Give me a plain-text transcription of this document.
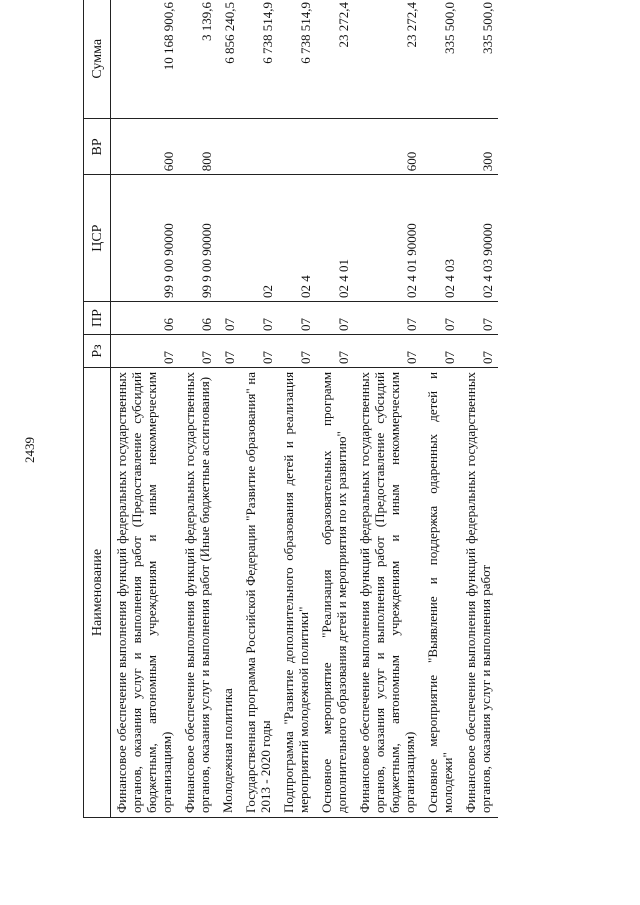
2439
Наименование	Рз	ПР	ЦСР	ВР	Сумма
Финансовое обеспечение выполнения функций федеральных государственных органов, оказания услуг и выполнения работ (Предоставление субсидий бюджетным, автономным учреждениям и иным некоммерческим организациям)	07	06	99 9 00 90000	600	10 168 900,6
Финансовое обеспечение выполнения функций федеральных государственных органов, оказания услуг и выполнения работ (Иные бюджетные ассигнования)	07	06	99 9 00 90000	800	3 139,6
Молодежная политика	07	07			6 856 240,5
Государственная программа Российской Федерации "Развитие образования" на 2013 - 2020 годы	07	07	02		6 738 514,9
Подпрограмма "Развитие дополнительного образования детей и реализация мероприятий молодежной политики"	07	07	02 4		6 738 514,9
Основное мероприятие "Реализация образовательных программ дополнительного образования детей и мероприятия по их развитию"	07	07	02 4 01		23 272,4
Финансовое обеспечение выполнения функций федеральных государственных органов, оказания услуг и выполнения работ (Предоставление субсидий бюджетным, автономным учреждениям и иным некоммерческим организациям)	07	07	02 4 01 90000	600	23 272,4
Основное мероприятие "Выявление и поддержка одаренных детей и молодежи"	07	07	02 4 03		335 500,0
Финансовое обеспечение выполнения функций федеральных государственных органов, оказания услуг и выполнения работ	07	07	02 4 03 90000	300	335 500,0
